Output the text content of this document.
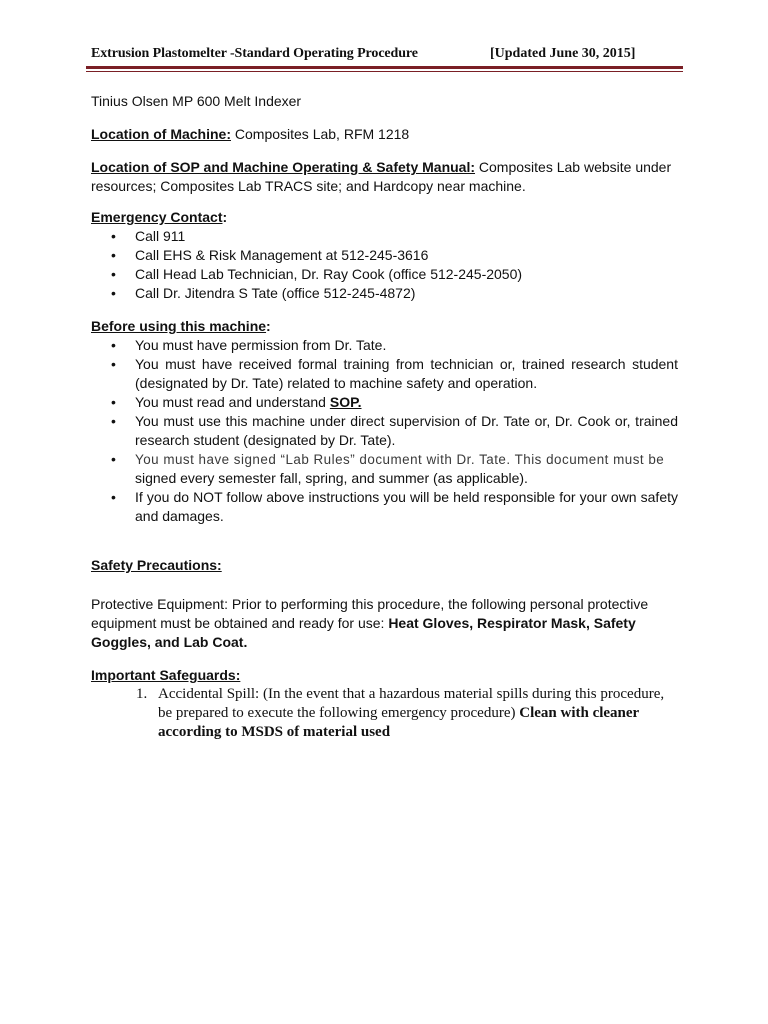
Extrusion Plastomelter -Standard Operating Procedure	[Updated June 30, 2015]

Tinius Olsen MP 600 Melt Indexer

Location of Machine: Composites Lab, RFM 1218

Location of SOP and Machine Operating & Safety Manual: Composites Lab website under resources; Composites Lab TRACS site; and Hardcopy near machine.

Emergency Contact:

• Call 911
• Call EHS & Risk Management at 512-245-3616
• Call Head Lab Technician, Dr. Ray Cook (office 512-245-2050)
• Call Dr. Jitendra S Tate (office 512-245-4872)

Before using this machine:

• You must have permission from Dr. Tate.
• You must have received formal training from technician or, trained research student (designated by Dr. Tate) related to machine safety and operation.
• You must read and understand SOP.
• You must use this machine under direct supervision of Dr. Tate or, Dr. Cook or, trained research student (designated by Dr. Tate).
• You must have signed “Lab Rules” document with Dr. Tate. This document must be
signed every semester fall, spring, and summer (as applicable).
• If you do NOT follow above instructions you will be held responsible for your own safety and damages.

Safety Precautions:

Protective Equipment: Prior to performing this procedure, the following personal protective equipment must be obtained and ready for use: Heat Gloves, Respirator Mask, Safety Goggles, and Lab Coat.

Important Safeguards:

1. Accidental Spill: (In the event that a hazardous material spills during this procedure, be prepared to execute the following emergency procedure) Clean with cleaner according to MSDS of material used
